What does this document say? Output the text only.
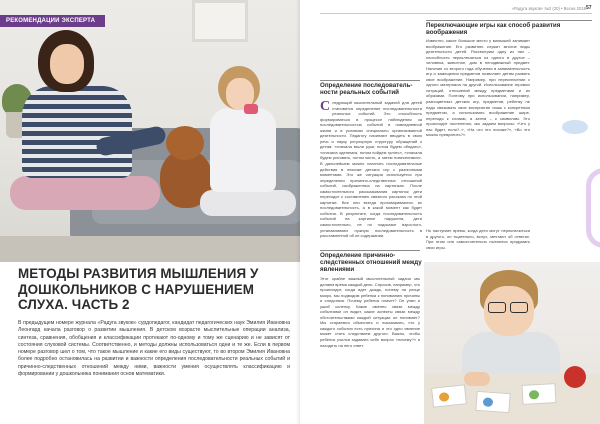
РЕКОМЕНДАЦИИ ЭКСПЕРТА
МЕТОДЫ РАЗВИТИЯ МЫШЛЕНИЯ У ДОШКОЛЬНИКОВ С НАРУШЕНИЕМ СЛУХА. ЧАСТЬ 2
В предыдущем номере журнала «Радуга звуков» сурдопедагог, кандидат педагогических наук Эмилия Ивановна Леонгард начала разговор о развитии мышления. В детском возрасте мыслительные операции анализа, синтеза, сравнения, обобщения и классификации протекают по-одному и тому же сценарию и не зависят от состояния слуховой системы. Соответственно, и методы должны использоваться одни и те же. Если в первом номере разговор шел о том, что такое мышление и какие его виды существуют, то во втором Эмилия Ивановна более подробно остановилась на развитии и важности определения последовательности реальных событий и причинно-следственных отношений между ними, важности умения осуществлять классификацию и формировании у дошкольника понимания основ математики.
«Радуга звуков» №2 (20) • Весна 2018 57
Определение последователь-ности реальных событий
Следующий мыслительный задачей для детей становится определение последовательности реальных событий. Это способность формироваться в процессе наблюдения за последовательностью событий в повседневной жизни и в условиях специально организованной деятельности. Педагогу начинают вводить в свою речь и науку регулярную структуру обращений к детям: «сначала мыли руки, потом будем обедать», «сначала оденемся, потом пойдем гулять», «сначала будем рисовать, потом кисть, а затем повеселимся». В дальнейшем можно нагонять последовательные действия в лексике детских игр с различными моментами. Это же ситуация используется при определении причинно-следственных отношений событий, изображенных на картинках. После самостоятельного рассказывания картинок дети переходят к составлению связного рассказа по этой картинке. Все они всегда проговариваются, их последовательность, а в какой момент как будет события. В результате, когда последовательность событий на картинке нарушена, дети самостоятельно, не по подсказке взрослого, устанавливают нужную последовательность в расставленной об их содержании.
Определение причинно-следственных отношений между явлениями
Этот крайне важный мыслительный задачи мы делаем время каждый день. Спросив, например, что происходит, когда идет дождь, почему на улице мокро, мы подводим ребенка к пониманию причины и следствия. Почему ребенок плачет? Он упал и ушиб коленку. Какие именно связи между событиями он видит, какие аспекты связи между обстоятельствами каждой ситуации он понимает? Мы стараемся объяснять и показывать, что у каждого события есть причина и что одно явление может стать следствием другого. Важно, чтобы ребенок учился задавать себе вопрос «почему?» и находить на него ответ.
Переключающие игры как способ развития воображения
Известно, какое большое место у малышей занимает воображение. Его развитию служит многие виды деятельности детей. Рассмотрим одну из них – способность переключаться из одного в другое – человека, животное, дом в неподвижный предмет. Наличие со второго года обучения в занимательность игр и замещения предметов позволяет детям развить свое воображение. Например, при переключении с одного материала на другой. Использование игровых ситуаций, отношений между предметами и их образами. Поэтому при использовании, например, разноцветных детских игр, предметов, ребенку не надо связывать свое восприятие лишь с конкретным предметом, а использовать воображение шире, переходя к словам, а затем – к символам. Это происходит постепенно, мы задаем вопросы: «Что у нас будет, если?..», «На что это похоже?», «Во что можно превратить?».
Но наступает время, когда дети могут переключиться в другого, он тщательно, вслух, мечтают об ответах. При этом они самостоятельно пытаются придумать свои игры.
